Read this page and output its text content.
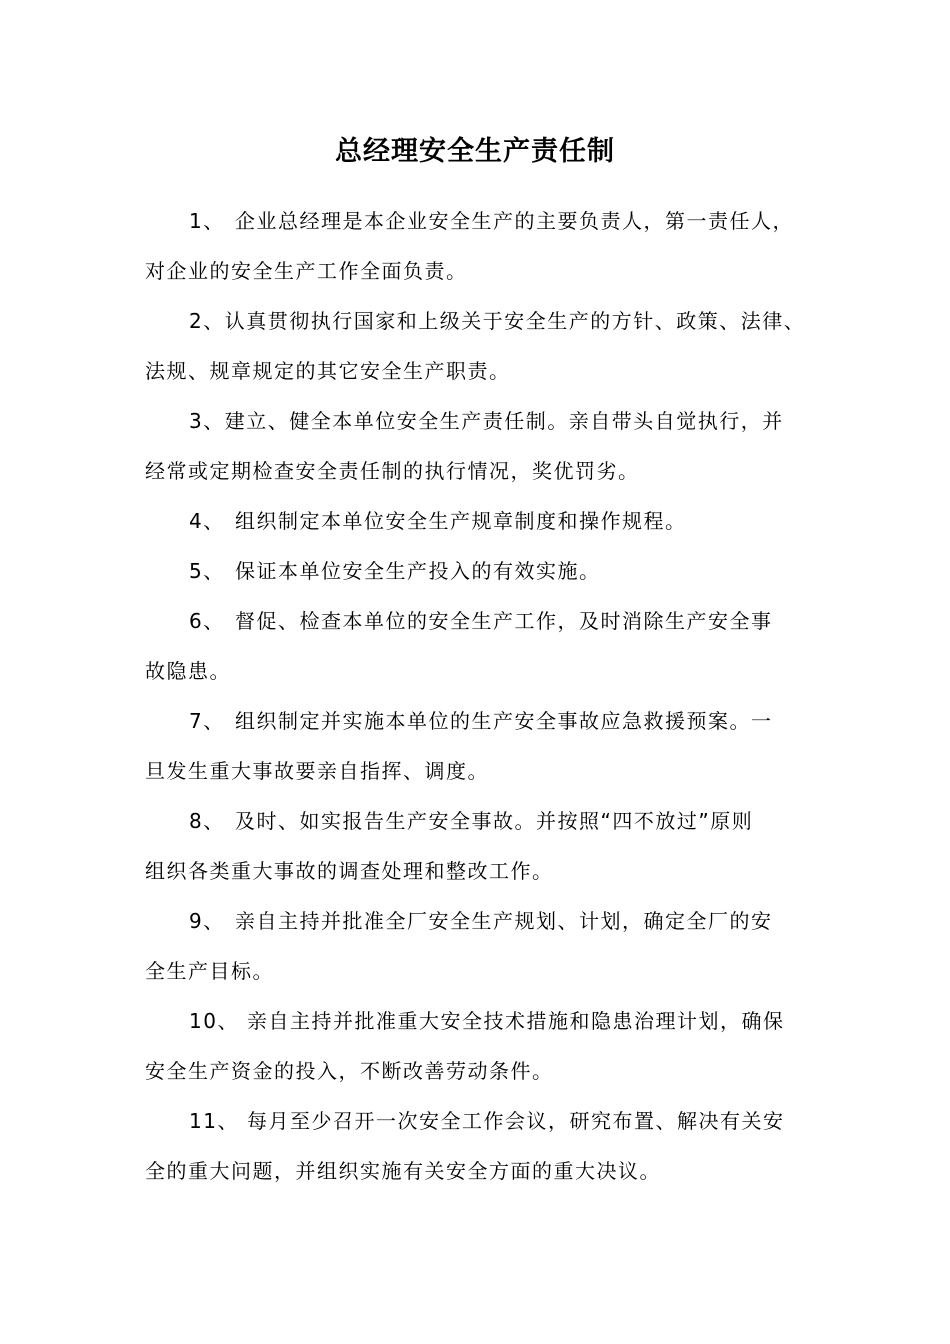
总经理安全生产责任制

1、 企业总经理是本企业安全生产的主要负责人，第一责任人，
对企业的安全生产工作全面负责。

2、认真贯彻执行国家和上级关于安全生产的方针、政策、法律、
法规、规章规定的其它安全生产职责。

3、建立、健全本单位安全生产责任制。亲自带头自觉执行，并
经常或定期检查安全责任制的执行情况，奖优罚劣。

4、 组织制定本单位安全生产规章制度和操作规程。

5、 保证本单位安全生产投入的有效实施。

6、 督促、检查本单位的安全生产工作，及时消除生产安全事
故隐患。

7、 组织制定并实施本单位的生产安全事故应急救援预案。一
旦发生重大事故要亲自指挥、调度。

8、 及时、如实报告生产安全事故。并按照“四不放过”原则
组织各类重大事故的调查处理和整改工作。

9、 亲自主持并批准全厂安全生产规划、计划，确定全厂的安
全生产目标。

10、 亲自主持并批准重大安全技术措施和隐患治理计划，确保
安全生产资金的投入，不断改善劳动条件。

11、 每月至少召开一次安全工作会议，研究布置、解决有关安
全的重大问题，并组织实施有关安全方面的重大决议。
